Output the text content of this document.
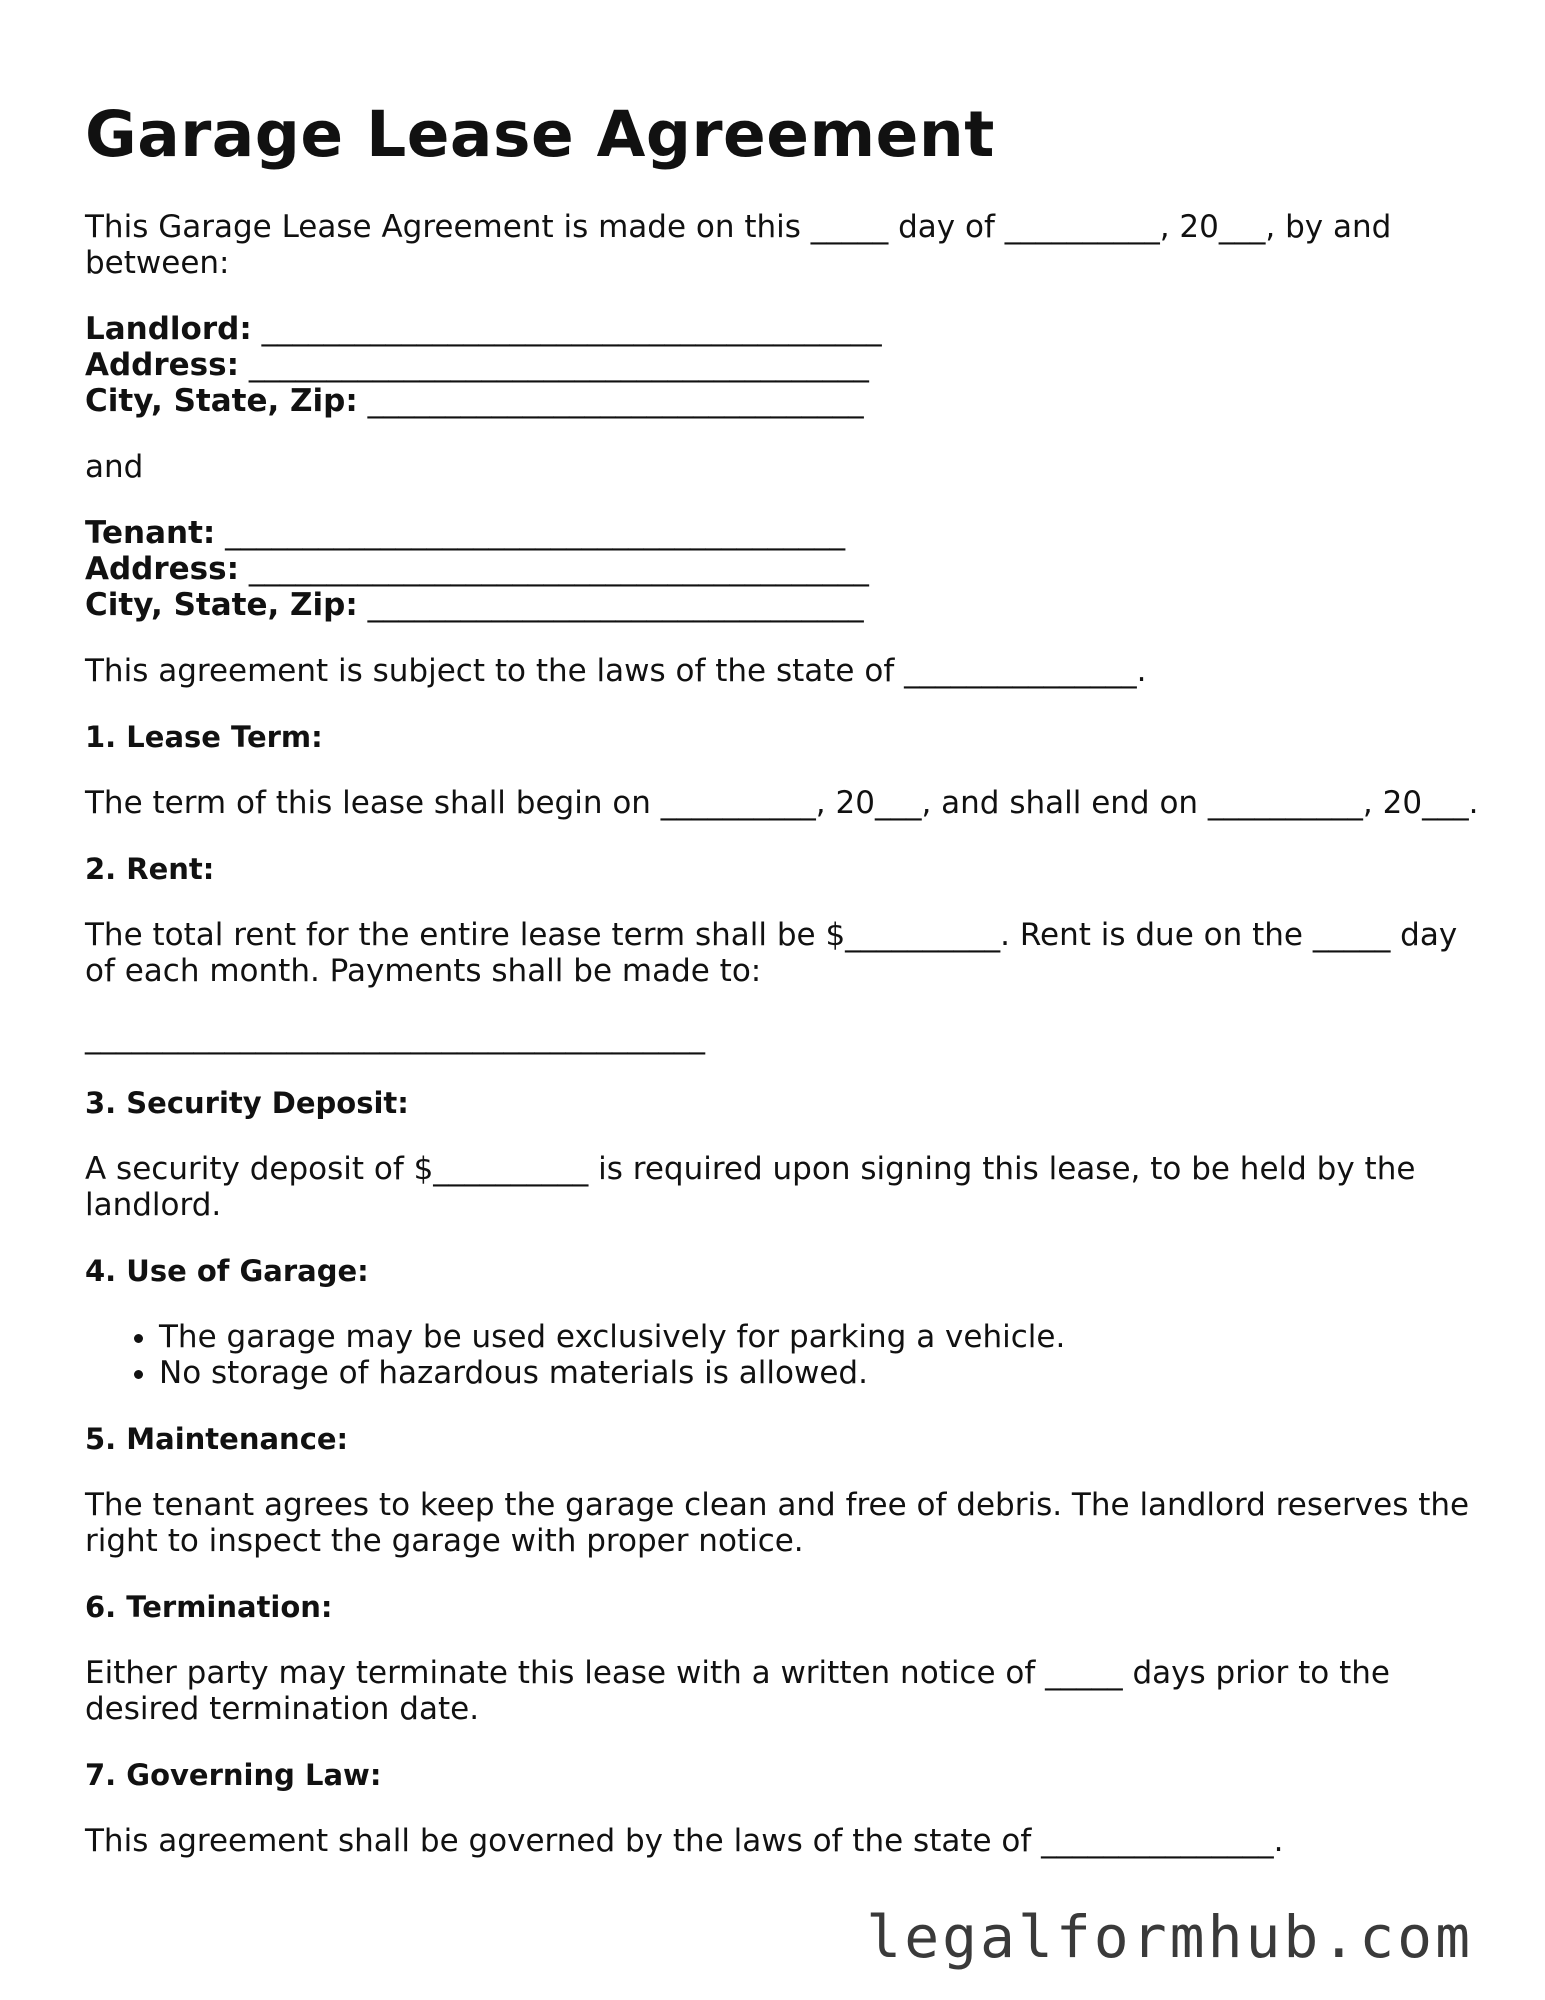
Garage Lease Agreement

This Garage Lease Agreement is made on this _____ day of __________, 20___, by and between:

Landlord: ________________________________________
Address: ________________________________________
City, State, Zip: ________________________________

and

Tenant: ________________________________________
Address: ________________________________________
City, State, Zip: ________________________________

This agreement is subject to the laws of the state of _______________.

1. Lease Term:

The term of this lease shall begin on __________, 20___, and shall end on __________, 20___.

2. Rent:

The total rent for the entire lease term shall be $__________. Rent is due on the _____ day of each month. Payments shall be made to:

________________________________________
3. Security Deposit:

A security deposit of $__________ is required upon signing this lease, to be held by the landlord.

4. Use of Garage:
• The garage may be used exclusively for parking a vehicle.
• No storage of hazardous materials is allowed.
5. Maintenance:

The tenant agrees to keep the garage clean and free of debris. The landlord reserves the right to inspect the garage with proper notice.

6. Termination:

Either party may terminate this lease with a written notice of _____ days prior to the desired termination date.

7. Governing Law:

This agreement shall be governed by the laws of the state of _______________.

legalformhub.com
